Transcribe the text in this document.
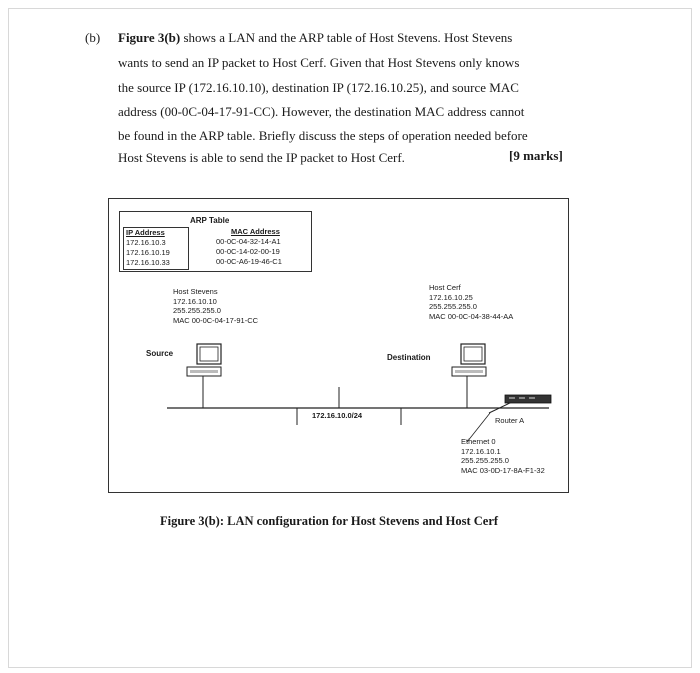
(b) Figure 3(b) shows a LAN and the ARP table of Host Stevens. Host Stevens
wants to send an IP packet to Host Cerf. Given that Host Stevens only knows
the source IP (172.16.10.10), destination IP (172.16.10.25), and source MAC
address (00-0C-04-17-91-CC). However, the destination MAC address cannot
be found in the ARP table. Briefly discuss the steps of operation needed before
Host Stevens is able to send the IP packet to Host Cerf.	[9 marks]
ARP Table
IP Address
172.16.10.3
172.16.10.19
172.16.10.33
MAC Address
00-0C-04-32-14-A1
00-0C-14-02-00-19
00-0C-A6-19-46-C1
Host Stevens
172.16.10.10
255.255.255.0
MAC 00-0C-04-17-91-CC
Host Cerf
172.16.10.25
255.255.255.0
MAC 00-0C-04-38-44-AA
Source	Destination
172.16.10.0/24
Router A
Ethernet 0
172.16.10.1
255.255.255.0
MAC 03-0D-17-8A-F1-32
Figure 3(b): LAN configuration for Host Stevens and Host Cerf
